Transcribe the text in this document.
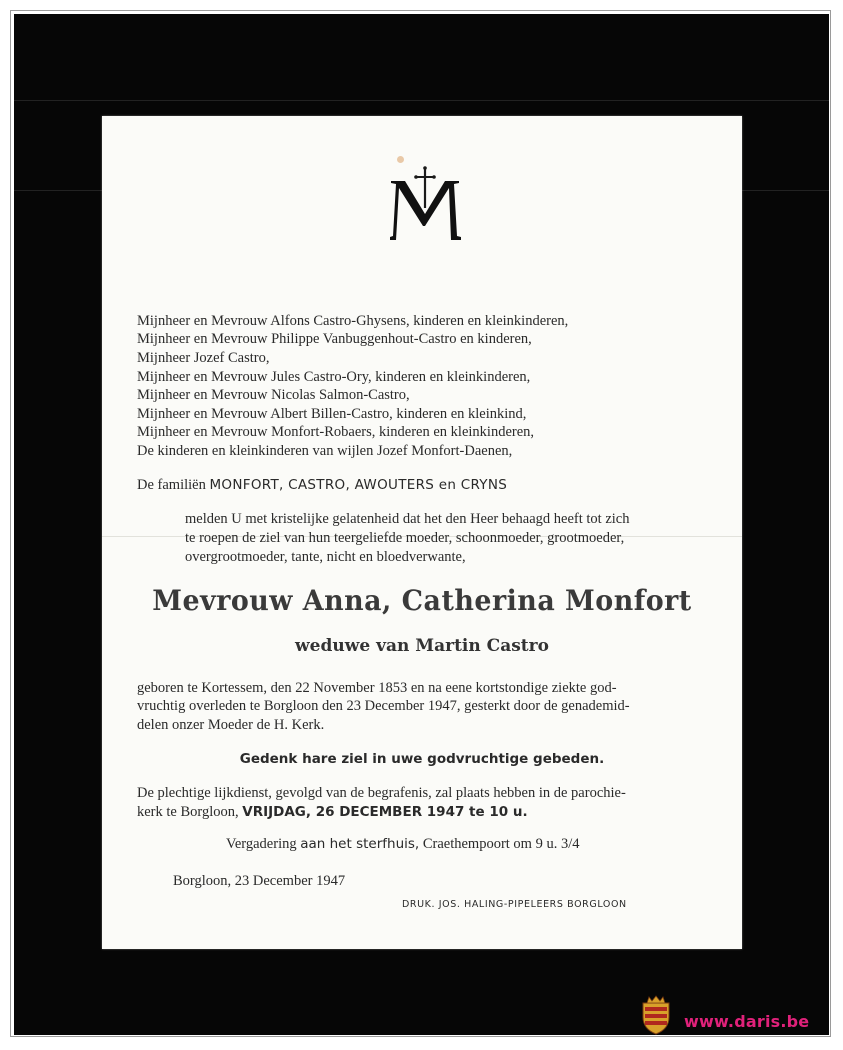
Mijnheer en Mevrouw Alfons Castro-Ghysens, kinderen en kleinkinderen,
Mijnheer en Mevrouw Philippe Vanbuggenhout-Castro en kinderen,
Mijnheer Jozef Castro,
Mijnheer en Mevrouw Jules Castro-Ory, kinderen en kleinkinderen,
Mijnheer en Mevrouw Nicolas Salmon-Castro,
Mijnheer en Mevrouw Albert Billen-Castro, kinderen en kleinkind,
Mijnheer en Mevrouw Monfort-Robaers, kinderen en kleinkinderen,
De kinderen en kleinkinderen van wijlen Jozef Monfort-Daenen,
De familiën MONFORT, CASTRO, AWOUTERS en CRYNS
melden U met kristelijke gelatenheid dat het den Heer behaagd heeft tot zich
te roepen de ziel van hun teergeliefde moeder, schoonmoeder, grootmoeder,
overgrootmoeder, tante, nicht en bloedverwante,
Mevrouw Anna, Catherina Monfort
weduwe van Martin Castro
geboren te Kortessem, den 22 November 1853 en na eene kortstondige ziekte god-
vruchtig overleden te Borgloon den 23 December 1947, gesterkt door de genademid-
delen onzer Moeder de H. Kerk.
Gedenk hare ziel in uwe godvruchtige gebeden.
De plechtige lijkdienst, gevolgd van de begrafenis, zal plaats hebben in de parochie-
kerk te Borgloon, VRIJDAG, 26 DECEMBER 1947 te 10 u.
Vergadering aan het sterfhuis, Craethempoort om 9 u. 3/4
Borgloon, 23 December 1947
DRUK. JOS. HALING-PIPELEERS BORGLOON
www.daris.be
